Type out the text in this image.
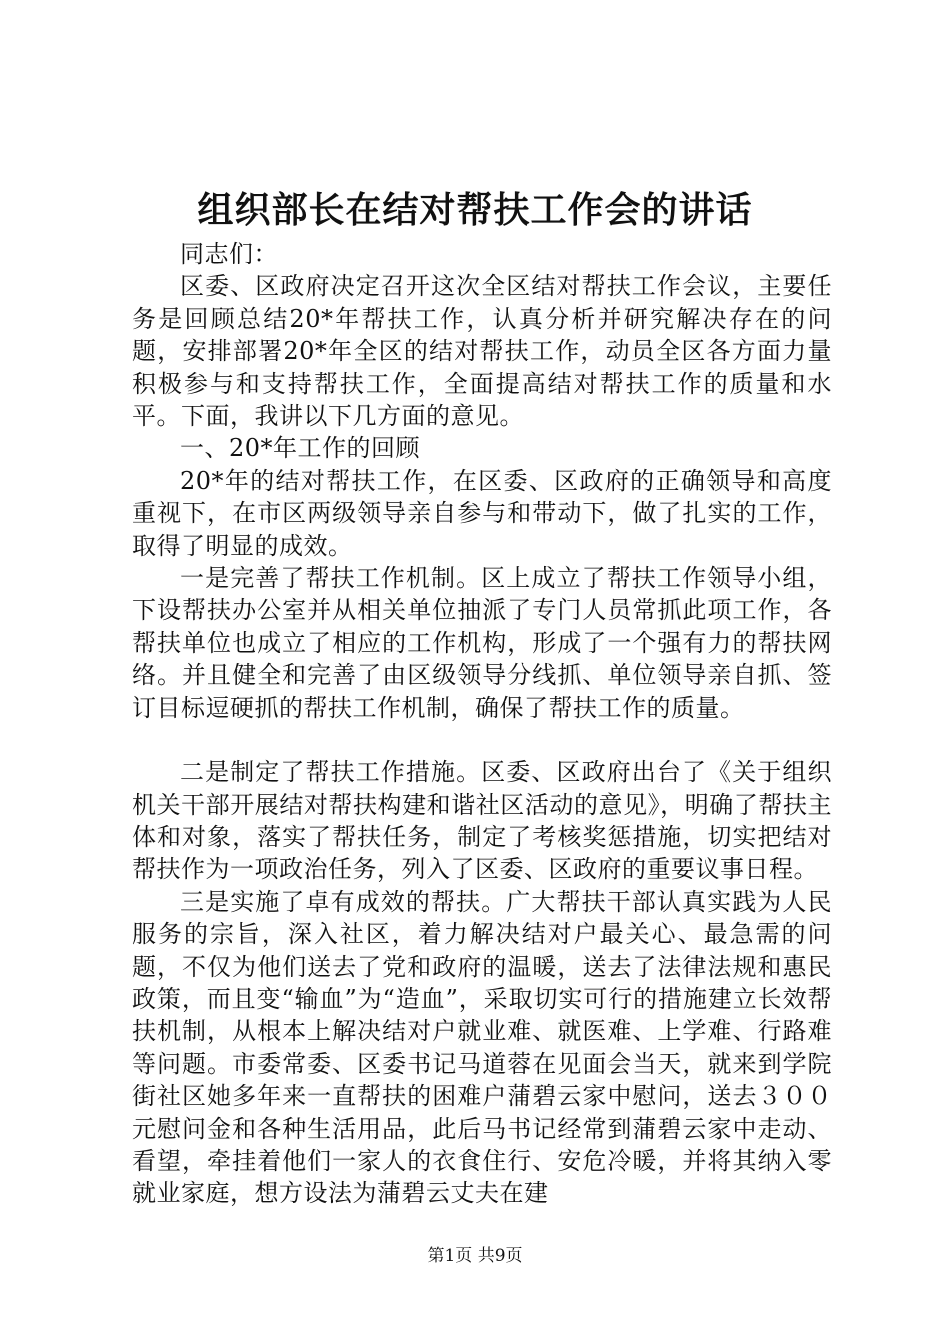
组织部长在结对帮扶工作会的讲话

同志们：

区委、区政府决定召开这次全区结对帮扶工作会议，主要任务是回顾总结20*年帮扶工作，认真分析并研究解决存在的问题，安排部署20*年全区的结对帮扶工作，动员全区各方面力量积极参与和支持帮扶工作，全面提高结对帮扶工作的质量和水平。下面，我讲以下几方面的意见。

一、20*年工作的回顾

20*年的结对帮扶工作，在区委、区政府的正确领导和高度重视下，在市区两级领导亲自参与和带动下，做了扎实的工作，取得了明显的成效。

一是完善了帮扶工作机制。区上成立了帮扶工作领导小组，下设帮扶办公室并从相关单位抽派了专门人员常抓此项工作，各帮扶单位也成立了相应的工作机构，形成了一个强有力的帮扶网络。并且健全和完善了由区级领导分线抓、单位领导亲自抓、签订目标逗硬抓的帮扶工作机制，确保了帮扶工作的质量。

二是制定了帮扶工作措施。区委、区政府出台了《关于组织机关干部开展结对帮扶构建和谐社区活动的意见》，明确了帮扶主体和对象，落实了帮扶任务，制定了考核奖惩措施，切实把结对帮扶作为一项政治任务，列入了区委、区政府的重要议事日程。

三是实施了卓有成效的帮扶。广大帮扶干部认真实践为人民服务的宗旨，深入社区，着力解决结对户最关心、最急需的问题，不仅为他们送去了党和政府的温暖，送去了法律法规和惠民政策，而且变“输血”为“造血”，采取切实可行的措施建立长效帮扶机制，从根本上解决结对户就业难、就医难、上学难、行路难等问题。市委常委、区委书记马道蓉在见面会当天，就来到学院街社区她多年来一直帮扶的困难户蒲碧云家中慰问，送去３００元慰问金和各种生活用品，此后马书记经常到蒲碧云家中走动、看望，牵挂着他们一家人的衣食住行、安危冷暖，并将其纳入零就业家庭，想方设法为蒲碧云丈夫在建

第1页 共9页
